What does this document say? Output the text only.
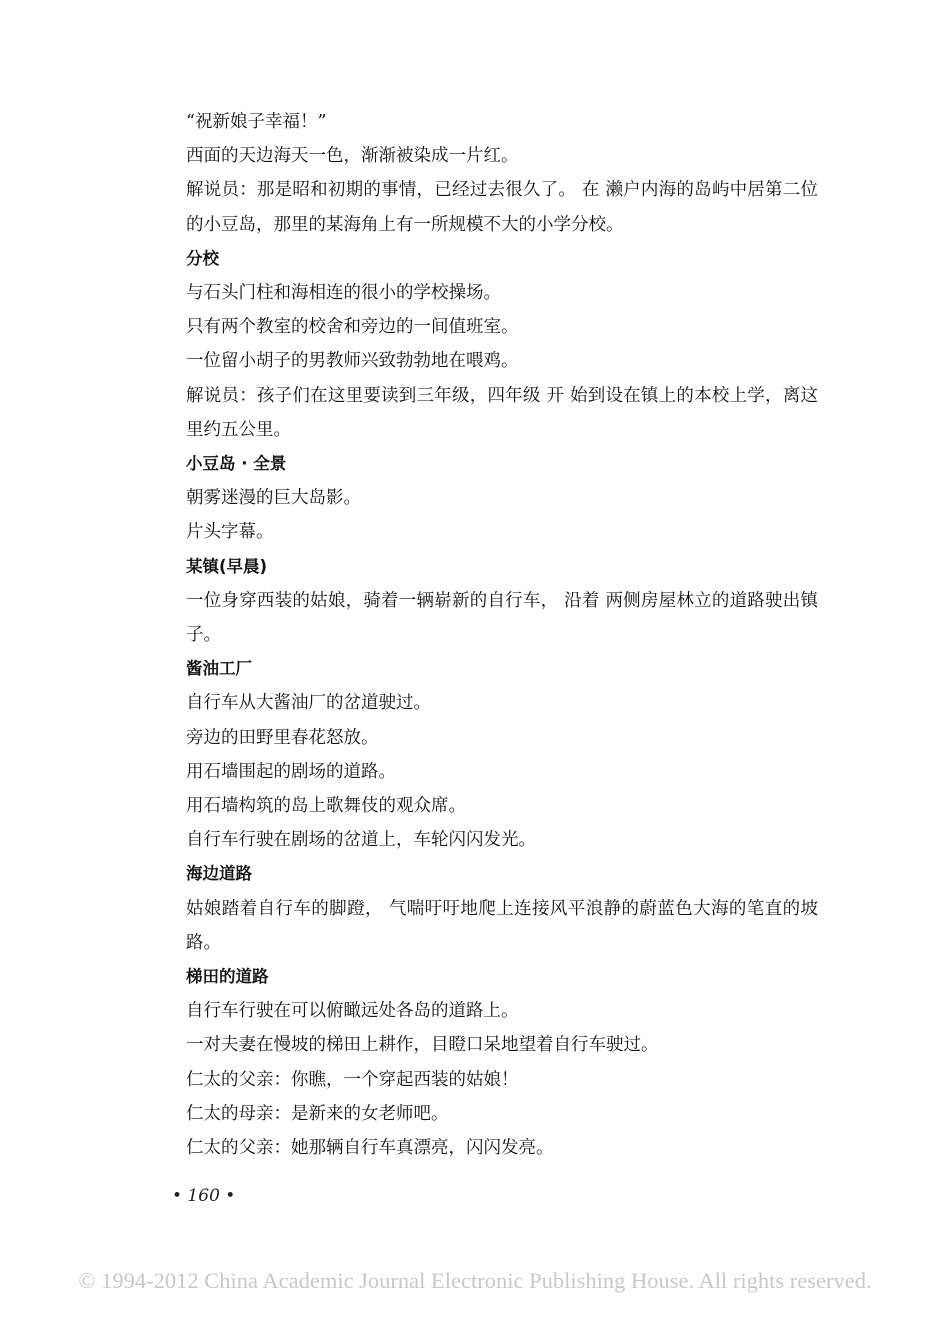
“祝新娘子幸福！”
西面的天边海天一色，渐渐被染成一片红。
解说员：那是昭和初期的事情，已经过去很久了。 在 濑户内海的岛屿中居第二位的小豆岛，那里的某海角上有一所规模不大的小学分校。
分校
与石头门柱和海相连的很小的学校操场。
只有两个教室的校舍和旁边的一间值班室。
一位留小胡子的男教师兴致勃勃地在喂鸡。
解说员：孩子们在这里要读到三年级，四年级 开 始到设在镇上的本校上学，离这里约五公里。
小豆岛 · 全景
朝雾迷漫的巨大岛影。
片头字幕。
某镇(早晨)
一位身穿西装的姑娘，骑着一辆崭新的自行车， 沿着 两侧房屋林立的道路驶出镇子。
酱油工厂
自行车从大酱油厂的岔道驶过。
旁边的田野里春花怒放。
用石墙围起的剧场的道路。
用石墙构筑的岛上歌舞伎的观众席。
自行车行驶在剧场的岔道上，车轮闪闪发光。
海边道路
姑娘踏着自行车的脚蹬， 气喘吁吁地爬上连接风平浪静的蔚蓝色大海的笔直的坡路。
梯田的道路
自行车行驶在可以俯瞰远处各岛的道路上。
一对夫妻在慢坡的梯田上耕作，目瞪口呆地望着自行车驶过。
仁太的父亲：你瞧，一个穿起西装的姑娘！
仁太的母亲：是新来的女老师吧。
仁太的父亲：她那辆自行车真漂亮，闪闪发亮。
• 160 •
© 1994-2012 China Academic Journal Electronic Publishing House. All rights reserved.
